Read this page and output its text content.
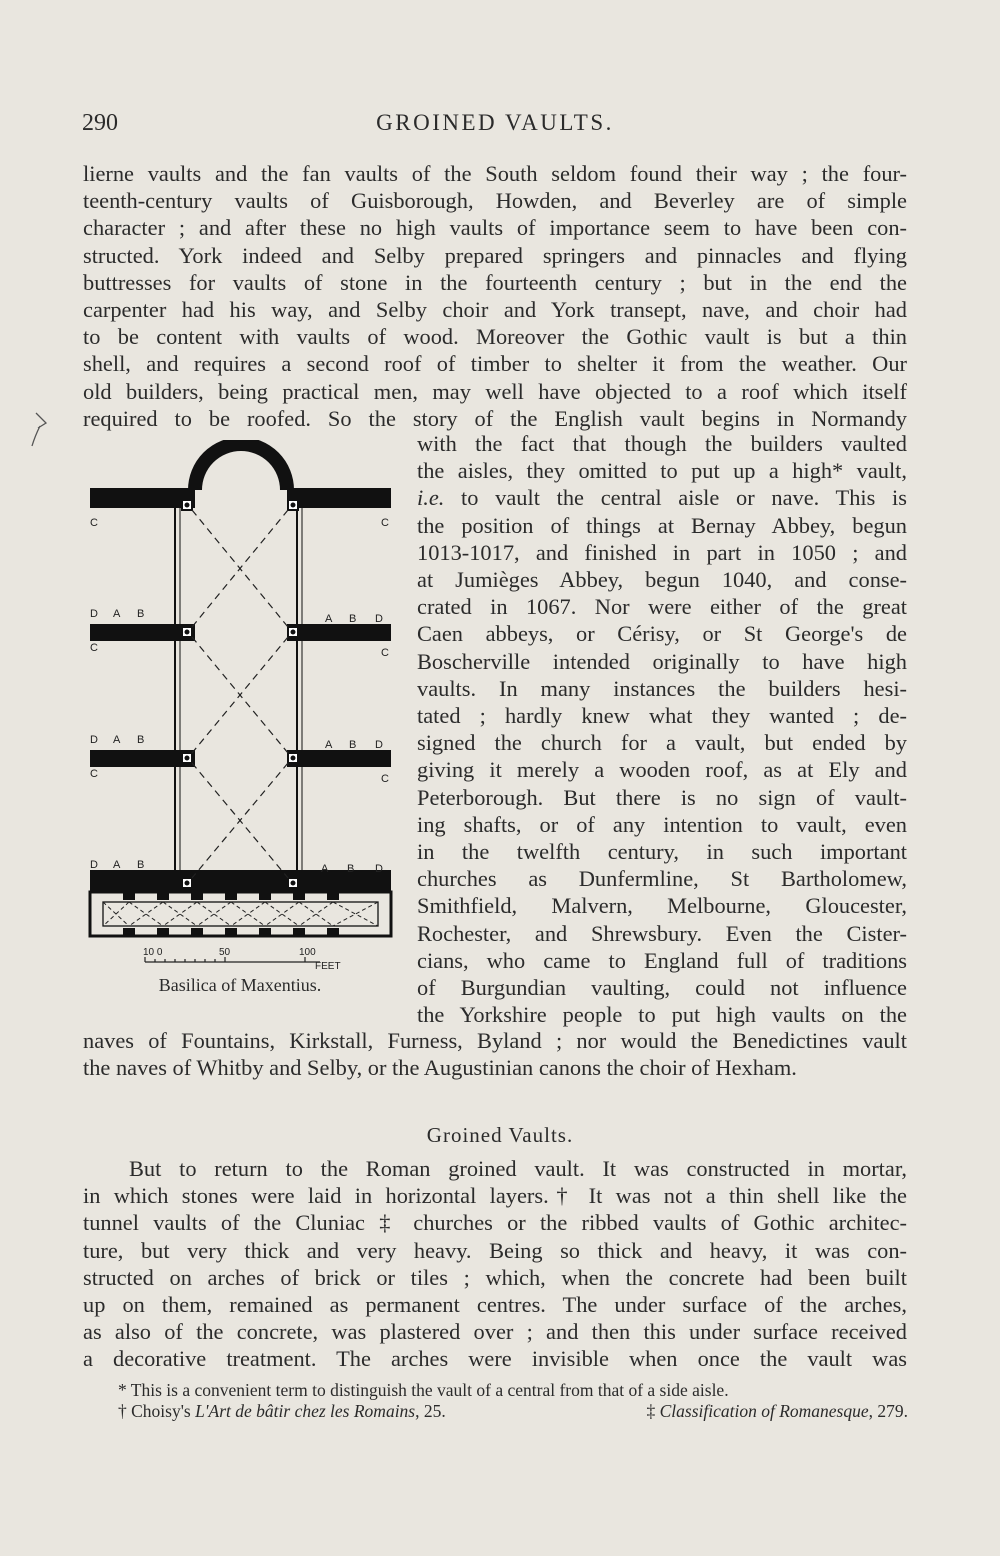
290	GROINED VAULTS.
lierne vaults and the fan vaults of the South seldom found their way ; the four-
teenth-century vaults of Guisborough, Howden, and Beverley are of simple
character ; and after these no high vaults of importance seem to have been con-
structed. York indeed and Selby prepared springers and pinnacles and flying
buttresses for vaults of stone in the fourteenth century ; but in the end the
carpenter had his way, and Selby choir and York transept, nave, and choir had
to be content with vaults of wood. Moreover the Gothic vault is but a thin
shell, and requires a second roof of timber to shelter it from the weather. Our
old builders, being practical men, may well have objected to a roof which itself
required to be roofed. So the story of the English vault begins in Normandy
with the fact that though the builders vaulted
the aisles, they omitted to put up a high* vault,
i.e. to vault the central aisle or nave. This is
the position of things at Bernay Abbey, begun
1013-1017, and finished in part in 1050 ; and
at Jumièges Abbey, begun 1040, and conse-
crated in 1067. Nor were either of the great
Caen abbeys, or Cérisy, or St George's de
Boscherville intended originally to have high
vaults. In many instances the builders hesi-
tated ; hardly knew what they wanted ; de-
signed the church for a vault, but ended by
giving it merely a wooden roof, as at Ely and
Peterborough. But there is no sign of vault-
ing shafts, or of any intention to vault, even
in the twelfth century, in such important
churches as Dunfermline, St Bartholomew,
Smithfield, Malvern, Melbourne, Gloucester,
Rochester, and Shrewsbury. Even the Cister-
cians, who came to England full of traditions
of Burgundian vaulting, could not influence
the Yorkshire people to put high vaults on the
C	C
D A B	A B D
C	C
D A B	A B D
C	C
D A B	A B D
10 0	50	100
FEET
Basilica of Maxentius.
naves of Fountains, Kirkstall, Furness, Byland ; nor would the Benedictines vault
the naves of Whitby and Selby, or the Augustinian canons the choir of Hexham.
Groined Vaults.
But to return to the Roman groined vault. It was constructed in mortar,
in which stones were laid in horizontal layers.† It was not a thin shell like the
tunnel vaults of the Cluniac ‡ churches or the ribbed vaults of Gothic architec-
ture, but very thick and very heavy. Being so thick and heavy, it was con-
structed on arches of brick or tiles ; which, when the concrete had been built
up on them, remained as permanent centres. The under surface of the arches,
as also of the concrete, was plastered over ; and then this under surface received
a decorative treatment. The arches were invisible when once the vault was
* This is a convenient term to distinguish the vault of a central from that of a side aisle.
† Choisy's L'Art de bâtir chez les Romains, 25.	‡ Classification of Romanesque, 279.
